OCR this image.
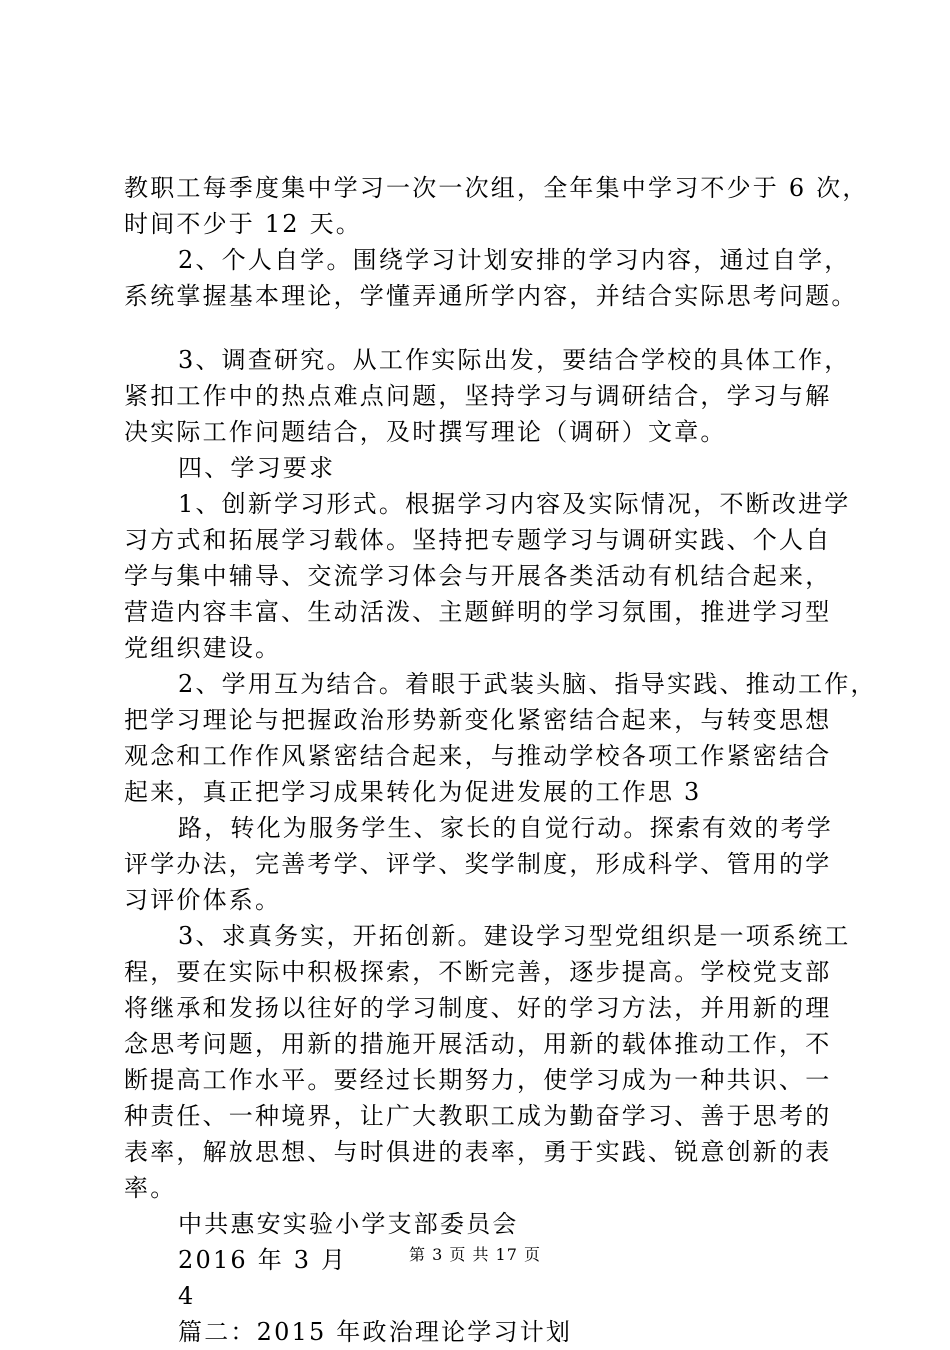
教职工每季度集中学习一次一次组，全年集中学习不少于 6 次，
时间不少于 12 天。
2、个人自学。围绕学习计划安排的学习内容，通过自学，
系统掌握基本理论，学懂弄通所学内容，并结合实际思考问题。
3、调查研究。从工作实际出发，要结合学校的具体工作，
紧扣工作中的热点难点问题，坚持学习与调研结合，学习与解
决实际工作问题结合，及时撰写理论（调研）文章。
四、学习要求
1、创新学习形式。根据学习内容及实际情况，不断改进学
习方式和拓展学习载体。坚持把专题学习与调研实践、个人自
学与集中辅导、交流学习体会与开展各类活动有机结合起来，
营造内容丰富、生动活泼、主题鲜明的学习氛围，推进学习型
党组织建设。
2、学用互为结合。着眼于武装头脑、指导实践、推动工作，
把学习理论与把握政治形势新变化紧密结合起来，与转变思想
观念和工作作风紧密结合起来，与推动学校各项工作紧密结合
起来，真正把学习成果转化为促进发展的工作思 3
路，转化为服务学生、家长的自觉行动。探索有效的考学
评学办法，完善考学、评学、奖学制度，形成科学、管用的学
习评价体系。
3、求真务实，开拓创新。建设学习型党组织是一项系统工
程，要在实际中积极探索，不断完善，逐步提高。学校党支部
将继承和发扬以往好的学习制度、好的学习方法，并用新的理
念思考问题，用新的措施开展活动，用新的载体推动工作，不
断提高工作水平。要经过长期努力，使学习成为一种共识、一
种责任、一种境界，让广大教职工成为勤奋学习、善于思考的
表率，解放思想、与时俱进的表率，勇于实践、锐意创新的表
率。
中共惠安实验小学支部委员会
2016 年 3 月
4
篇二：2015 年政治理论学习计划
第 3 页 共 17 页
